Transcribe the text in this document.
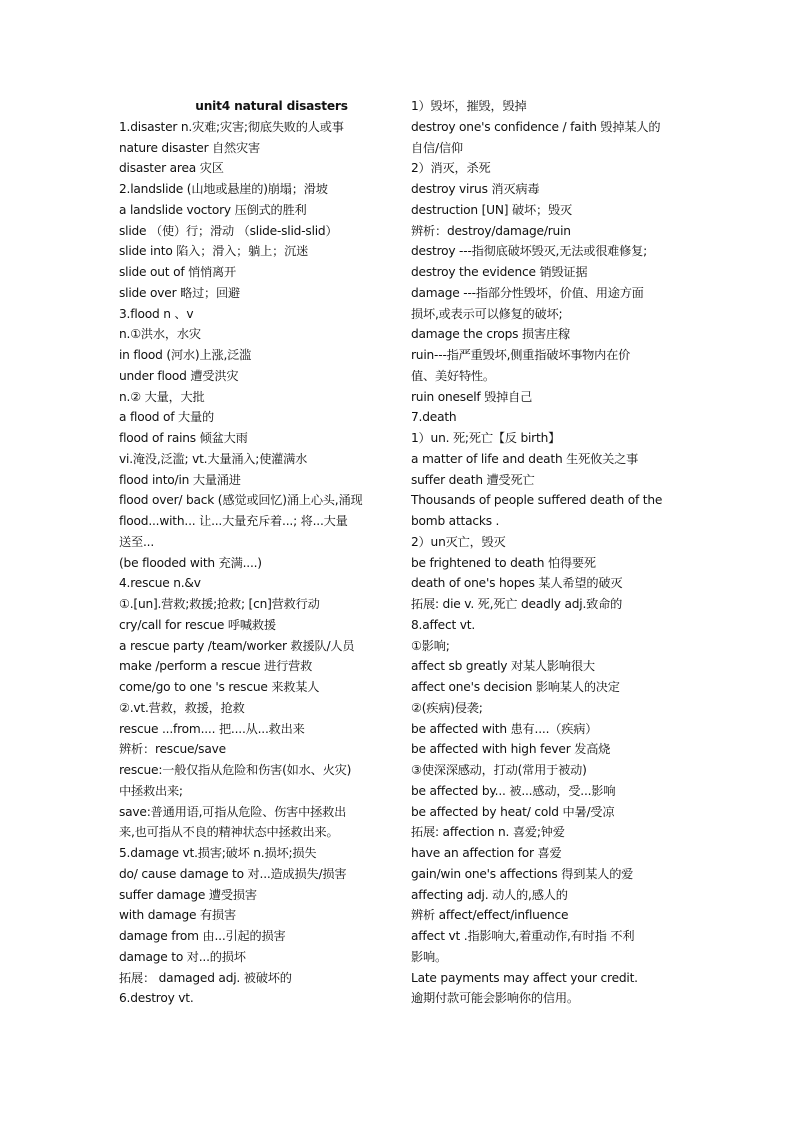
unit4 natural disasters
1.disaster n.灾难;灾害;彻底失败的人或事
nature disaster 自然灾害
disaster area 灾区
2.landslide (山地或悬崖的)崩塌；滑坡
a landslide voctory 压倒式的胜利
slide （使）行；滑动 （slide-slid-slid）
slide into 陷入；滑入；躺上；沉迷
slide out of 悄悄离开
slide over 略过；回避
3.flood n 、v
n.①洪水，水灾
in flood (河水)上涨,泛滥
under flood 遭受洪灾
n.② 大量，大批
a flood of 大量的
flood of rains 倾盆大雨
vi.淹没,泛滥; vt.大量涌入;使灌满水
flood into/in 大量涌进
flood over/ back (感觉或回忆)涌上心头,涌现
flood...with... 让...大量充斥着...; 将...大量
送至...
(be flooded with 充满....)
4.rescue n.&v
①.[un].营救;救援;抢救; [cn]营救行动
cry/call for rescue 呼喊救援
a rescue party /team/worker 救援队/人员
make /perform a rescue 进行营救
come/go to one 's rescue 来救某人
②.vt.营救，救援，抢救
rescue ...from.... 把....从...救出来
辨析：rescue/save
rescue:一般仅指从危险和伤害(如水、火灾)
中拯救出来;
save:普通用语,可指从危险、伤害中拯救出
来,也可指从不良的精神状态中拯救出来。
5.damage vt.损害;破坏 n.损坏;损失
do/ cause damage to 对...造成损失/损害
suffer damage 遭受损害
with damage 有损害
damage from 由...引起的损害
damage to 对...的损坏
拓展： damaged adj. 被破坏的
6.destroy vt.
1）毁坏，摧毁，毁掉
destroy one's confidence / faith 毁掉某人的
自信/信仰
2）消灭，杀死
destroy virus 消灭病毒
destruction [UN] 破坏；毁灭
辨析：destroy/damage/ruin
destroy ---指彻底破坏毁灭,无法或很难修复;
destroy the evidence 销毁证据
damage ---指部分性毁坏，价值、用途方面
损坏,或表示可以修复的破坏;
damage the crops 损害庄稼
ruin---指严重毁坏,侧重指破坏事物内在价
值、美好特性。
ruin oneself 毁掉自己
7.death
1）un. 死;死亡【反 birth】
a matter of life and death 生死攸关之事
suffer death 遭受死亡
Thousands of people suffered death of the
bomb attacks .
2）un灭亡，毁灭
be frightened to death 怕得要死
death of one's hopes 某人希望的破灭
拓展: die v. 死,死亡 deadly adj.致命的
8.affect vt.
①影响;
affect sb greatly 对某人影响很大
affect one's decision 影响某人的决定
②(疾病)侵袭;
be affected with 患有....（疾病）
be affected with high fever 发高烧
③使深深感动，打动(常用于被动)
be affected by... 被...感动，受...影响
be affected by heat/ cold 中暑/受凉
拓展: affection n. 喜爱;钟爱
have an affection for 喜爱
gain/win one's affections 得到某人的爱
affecting adj. 动人的,感人的
辨析 affect/effect/influence
affect vt .指影响大,着重动作,有时指 不利
影响。
Late payments may affect your credit.
逾期付款可能会影响你的信用。
